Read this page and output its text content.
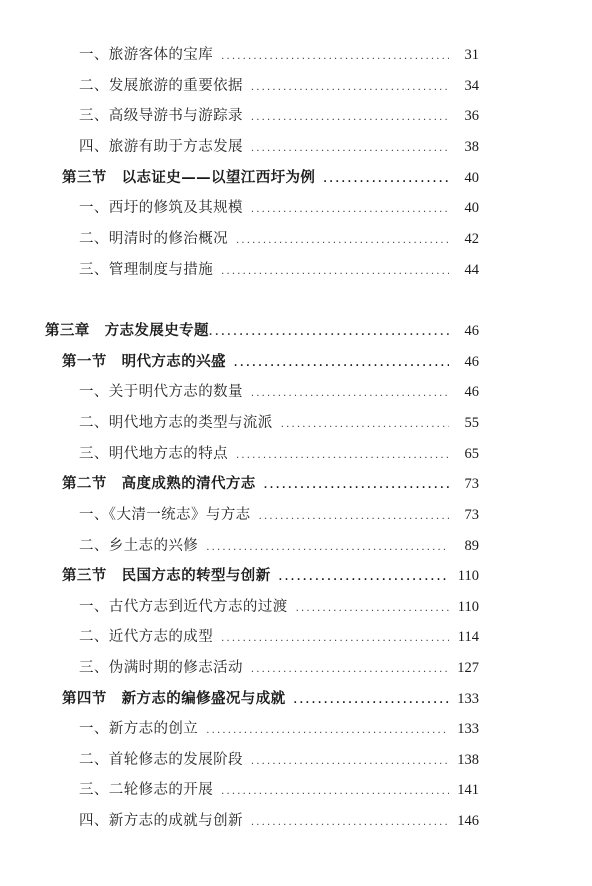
一、旅游客体的宝库 .....	31
二、发展旅游的重要依据 .....	34
三、高级导游书与游踪录 .....	36
四、旅游有助于方志发展 .....	38
第三节　以志证史——以望江西圩为例 .....	40
一、西圩的修筑及其规模 .....	40
二、明清时的修治概况 .....	42
三、管理制度与措施 .....	44
第三章　方志发展史专题 .....	46
第一节　明代方志的兴盛 .....	46
一、关于明代方志的数量 .....	46
二、明代地方志的类型与流派 .....	55
三、明代地方志的特点 .....	65
第二节　高度成熟的清代方志 .....	73
一、《大清一统志》与方志 .....	73
二、乡土志的兴修 .....	89
第三节　民国方志的转型与创新 .....	110
一、古代方志到近代方志的过渡 .....	110
二、近代方志的成型 .....	114
三、伪满时期的修志活动 .....	127
第四节　新方志的编修盛况与成就 .....	133
一、新方志的创立 .....	133
二、首轮修志的发展阶段 .....	138
三、二轮修志的开展 .....	141
四、新方志的成就与创新 .....	146
